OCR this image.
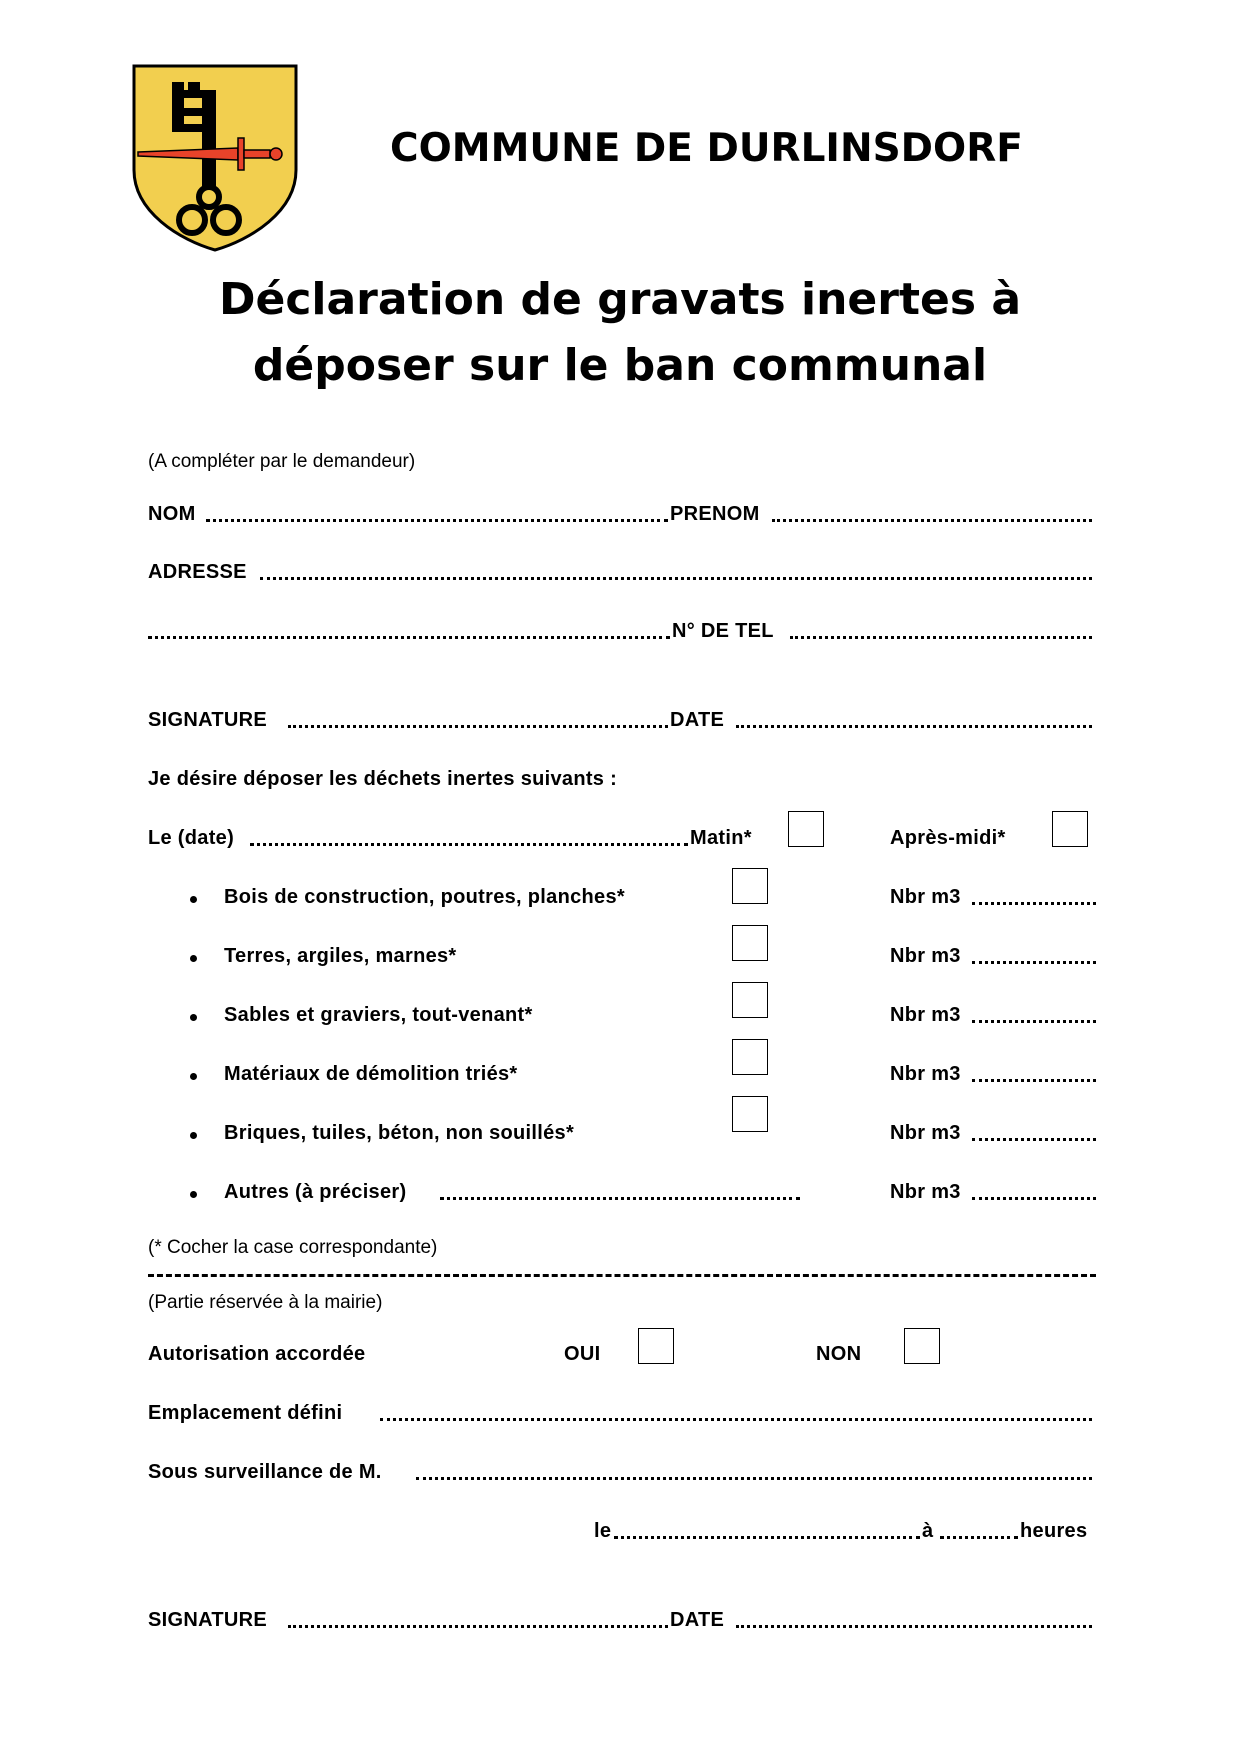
COMMUNE DE DURLINSDORF
Déclaration de gravats inertes à
déposer sur le ban communal
(A compléter par le demandeur)
NOM	PRENOM
ADRESSE
N° DE TEL
SIGNATURE	DATE
Je désire déposer les déchets inertes suivants :
Le (date)	Matin*	Après-midi*
Bois de construction, poutres, planches*	Nbr m3
Terres, argiles, marnes*	Nbr m3
Sables et graviers, tout-venant*	Nbr m3
Matériaux de démolition triés*	Nbr m3
Briques, tuiles, béton, non souillés*	Nbr m3
Autres (à préciser)	Nbr m3
(* Cocher la case correspondante)
(Partie réservée à la mairie)
Autorisation accordée	OUI	NON
Emplacement défini
Sous surveillance de M.
le	à	heures
SIGNATURE	DATE
